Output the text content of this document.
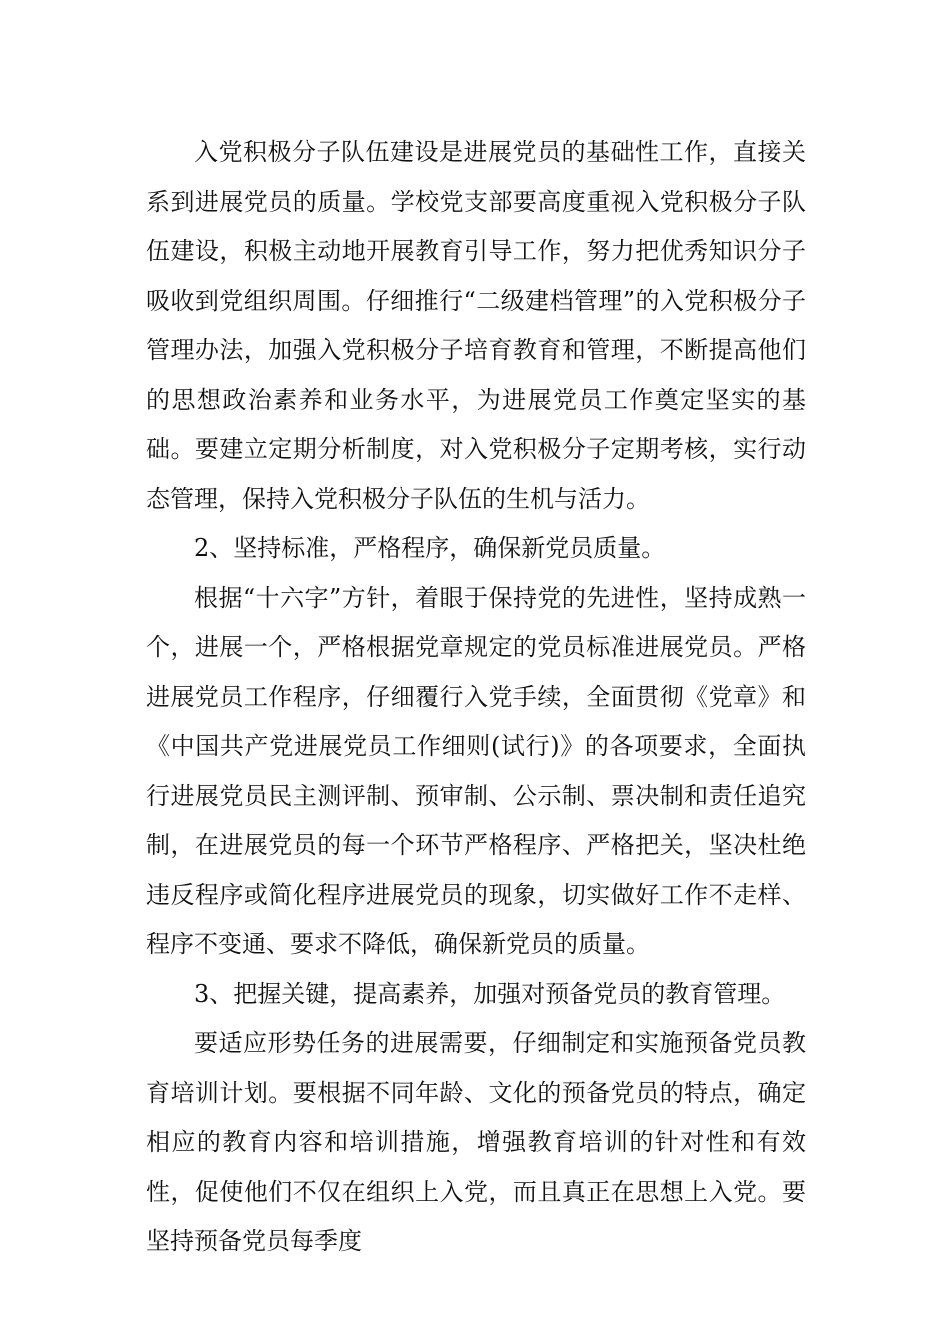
入党积极分子队伍建设是进展党员的基础性工作，直接关系到进展党员的质量。学校党支部要高度重视入党积极分子队伍建设，积极主动地开展教育引导工作，努力把优秀知识分子吸收到党组织周围。仔细推行“二级建档管理”的入党积极分子管理办法，加强入党积极分子培育教育和管理，不断提高他们的思想政治素养和业务水平，为进展党员工作奠定坚实的基础。要建立定期分析制度，对入党积极分子定期考核，实行动态管理，保持入党积极分子队伍的生机与活力。

2、坚持标准，严格程序，确保新党员质量。

根据“十六字”方针，着眼于保持党的先进性，坚持成熟一个，进展一个，严格根据党章规定的党员标准进展党员。严格进展党员工作程序，仔细覆行入党手续，全面贯彻《党章》和《中国共产党进展党员工作细则(试行)》的各项要求，全面执行进展党员民主测评制、预审制、公示制、票决制和责任追究制，在进展党员的每一个环节严格程序、严格把关，坚决杜绝违反程序或简化程序进展党员的现象，切实做好工作不走样、程序不变通、要求不降低，确保新党员的质量。

3、把握关键，提高素养，加强对预备党员的教育管理。

要适应形势任务的进展需要，仔细制定和实施预备党员教育培训计划。要根据不同年龄、文化的预备党员的特点，确定相应的教育内容和培训措施，增强教育培训的针对性和有效性，促使他们不仅在组织上入党，而且真正在思想上入党。要坚持预备党员每季度
